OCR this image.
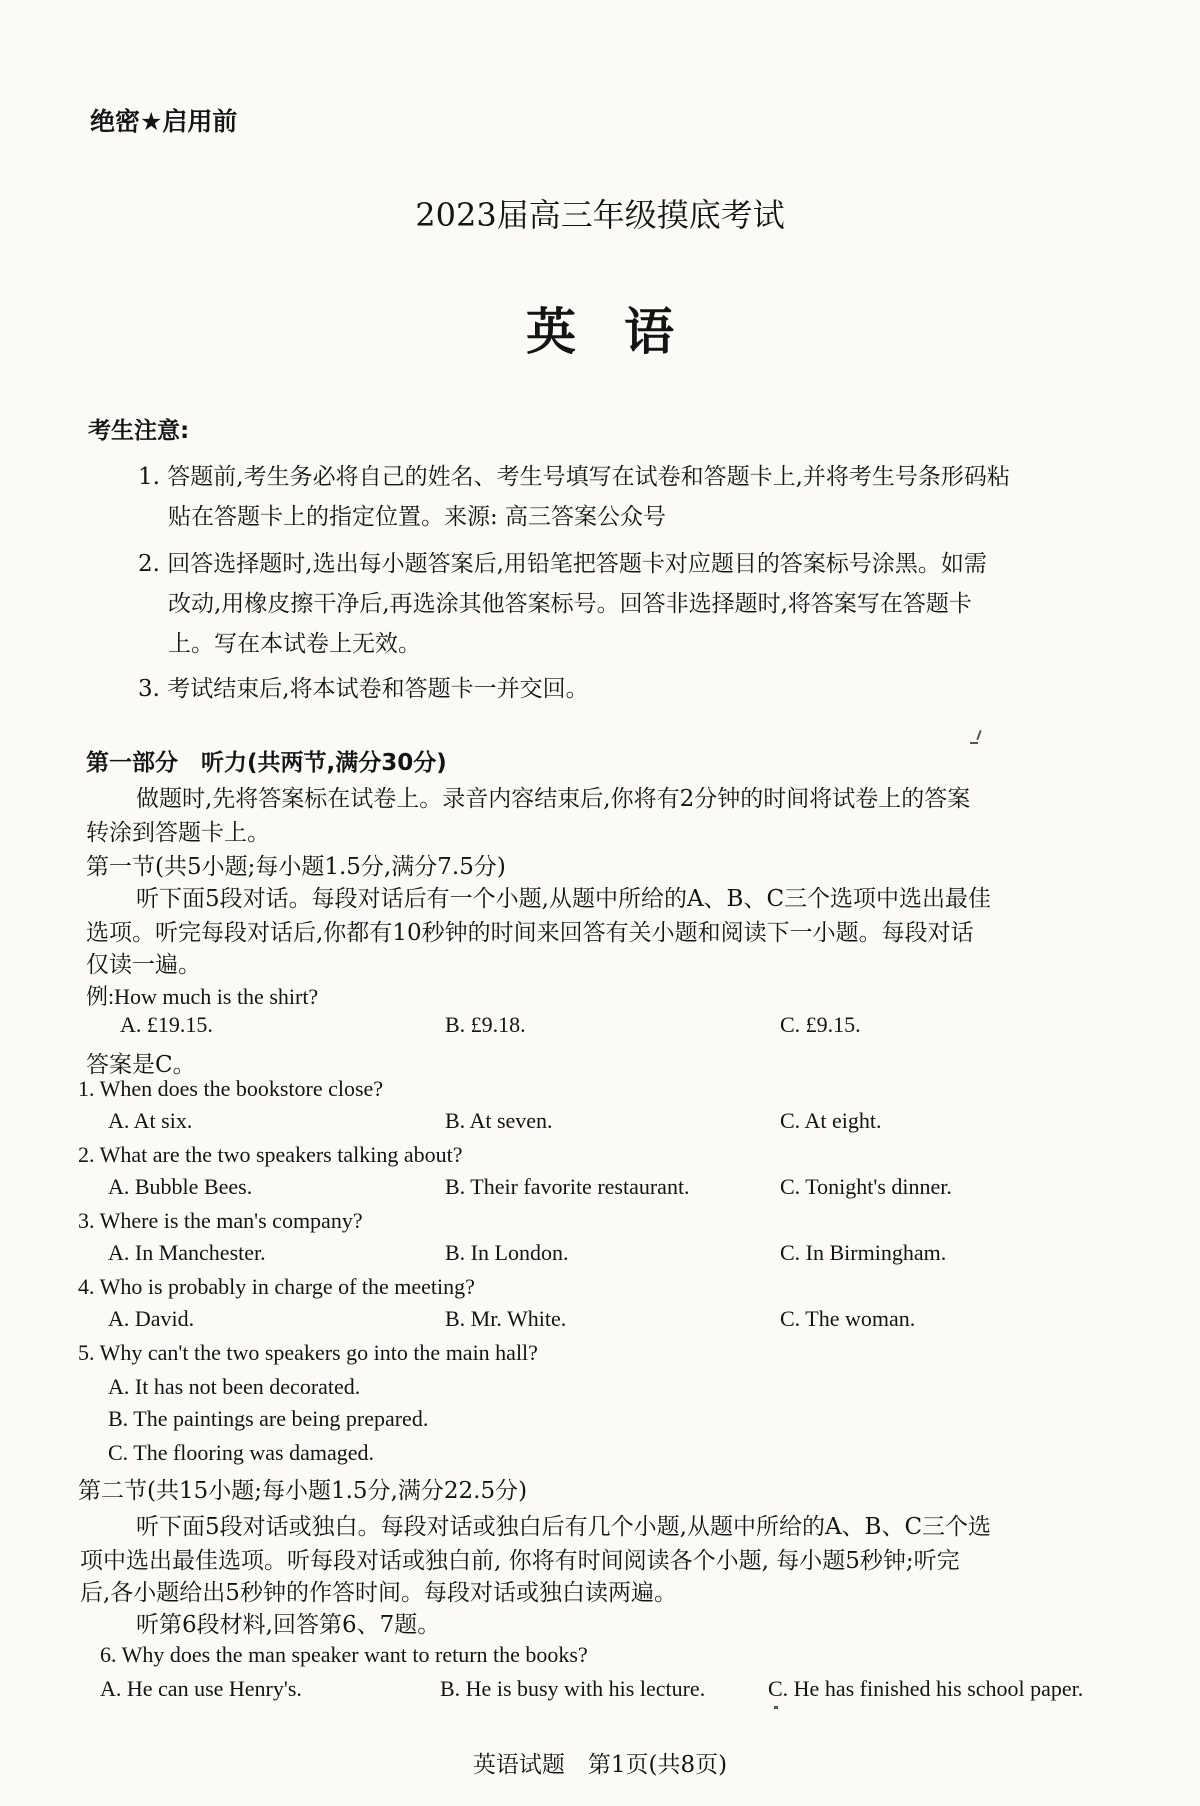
绝密★启用前
2023届高三年级摸底考试
英语
考生注意:
1. 答题前,考生务必将自己的姓名、考生号填写在试卷和答题卡上,并将考生号条形码粘
贴在答题卡上的指定位置。来源: 高三答案公众号
2. 回答选择题时,选出每小题答案后,用铅笔把答题卡对应题目的答案标号涂黑。如需
改动,用橡皮擦干净后,再选涂其他答案标号。回答非选择题时,将答案写在答题卡
上。写在本试卷上无效。
3. 考试结束后,将本试卷和答题卡一并交回。
第一部分　听力(共两节,满分30分)
做题时,先将答案标在试卷上。录音内容结束后,你将有2分钟的时间将试卷上的答案
转涂到答题卡上。
第一节(共5小题;每小题1.5分,满分7.5分)
听下面5段对话。每段对话后有一个小题,从题中所给的A、B、C三个选项中选出最佳
选项。听完每段对话后,你都有10秒钟的时间来回答有关小题和阅读下一小题。每段对话
仅读一遍。
例:How much is the shirt?
A. £19.15.	B. £9.18.	C. £9.15.
答案是C。
1. When does the bookstore close?
A. At six.	B. At seven.	C. At eight.
2. What are the two speakers talking about?
A. Bubble Bees.	B. Their favorite restaurant.	C. Tonight's dinner.
3. Where is the man's company?
A. In Manchester.	B. In London.	C. In Birmingham.
4. Who is probably in charge of the meeting?
A. David.	B. Mr. White.	C. The woman.
5. Why can't the two speakers go into the main hall?
A. It has not been decorated.
B. The paintings are being prepared.
C. The flooring was damaged.
第二节(共15小题;每小题1.5分,满分22.5分)
听下面5段对话或独白。每段对话或独白后有几个小题,从题中所给的A、B、C三个选
项中选出最佳选项。听每段对话或独白前, 你将有时间阅读各个小题, 每小题5秒钟;听完
后,各小题给出5秒钟的作答时间。每段对话或独白读两遍。
听第6段材料,回答第6、7题。
6. Why does the man speaker want to return the books?
A. He can use Henry's.	B. He is busy with his lecture.	C. He has finished his school paper.
英语试题　第1页(共8页)
